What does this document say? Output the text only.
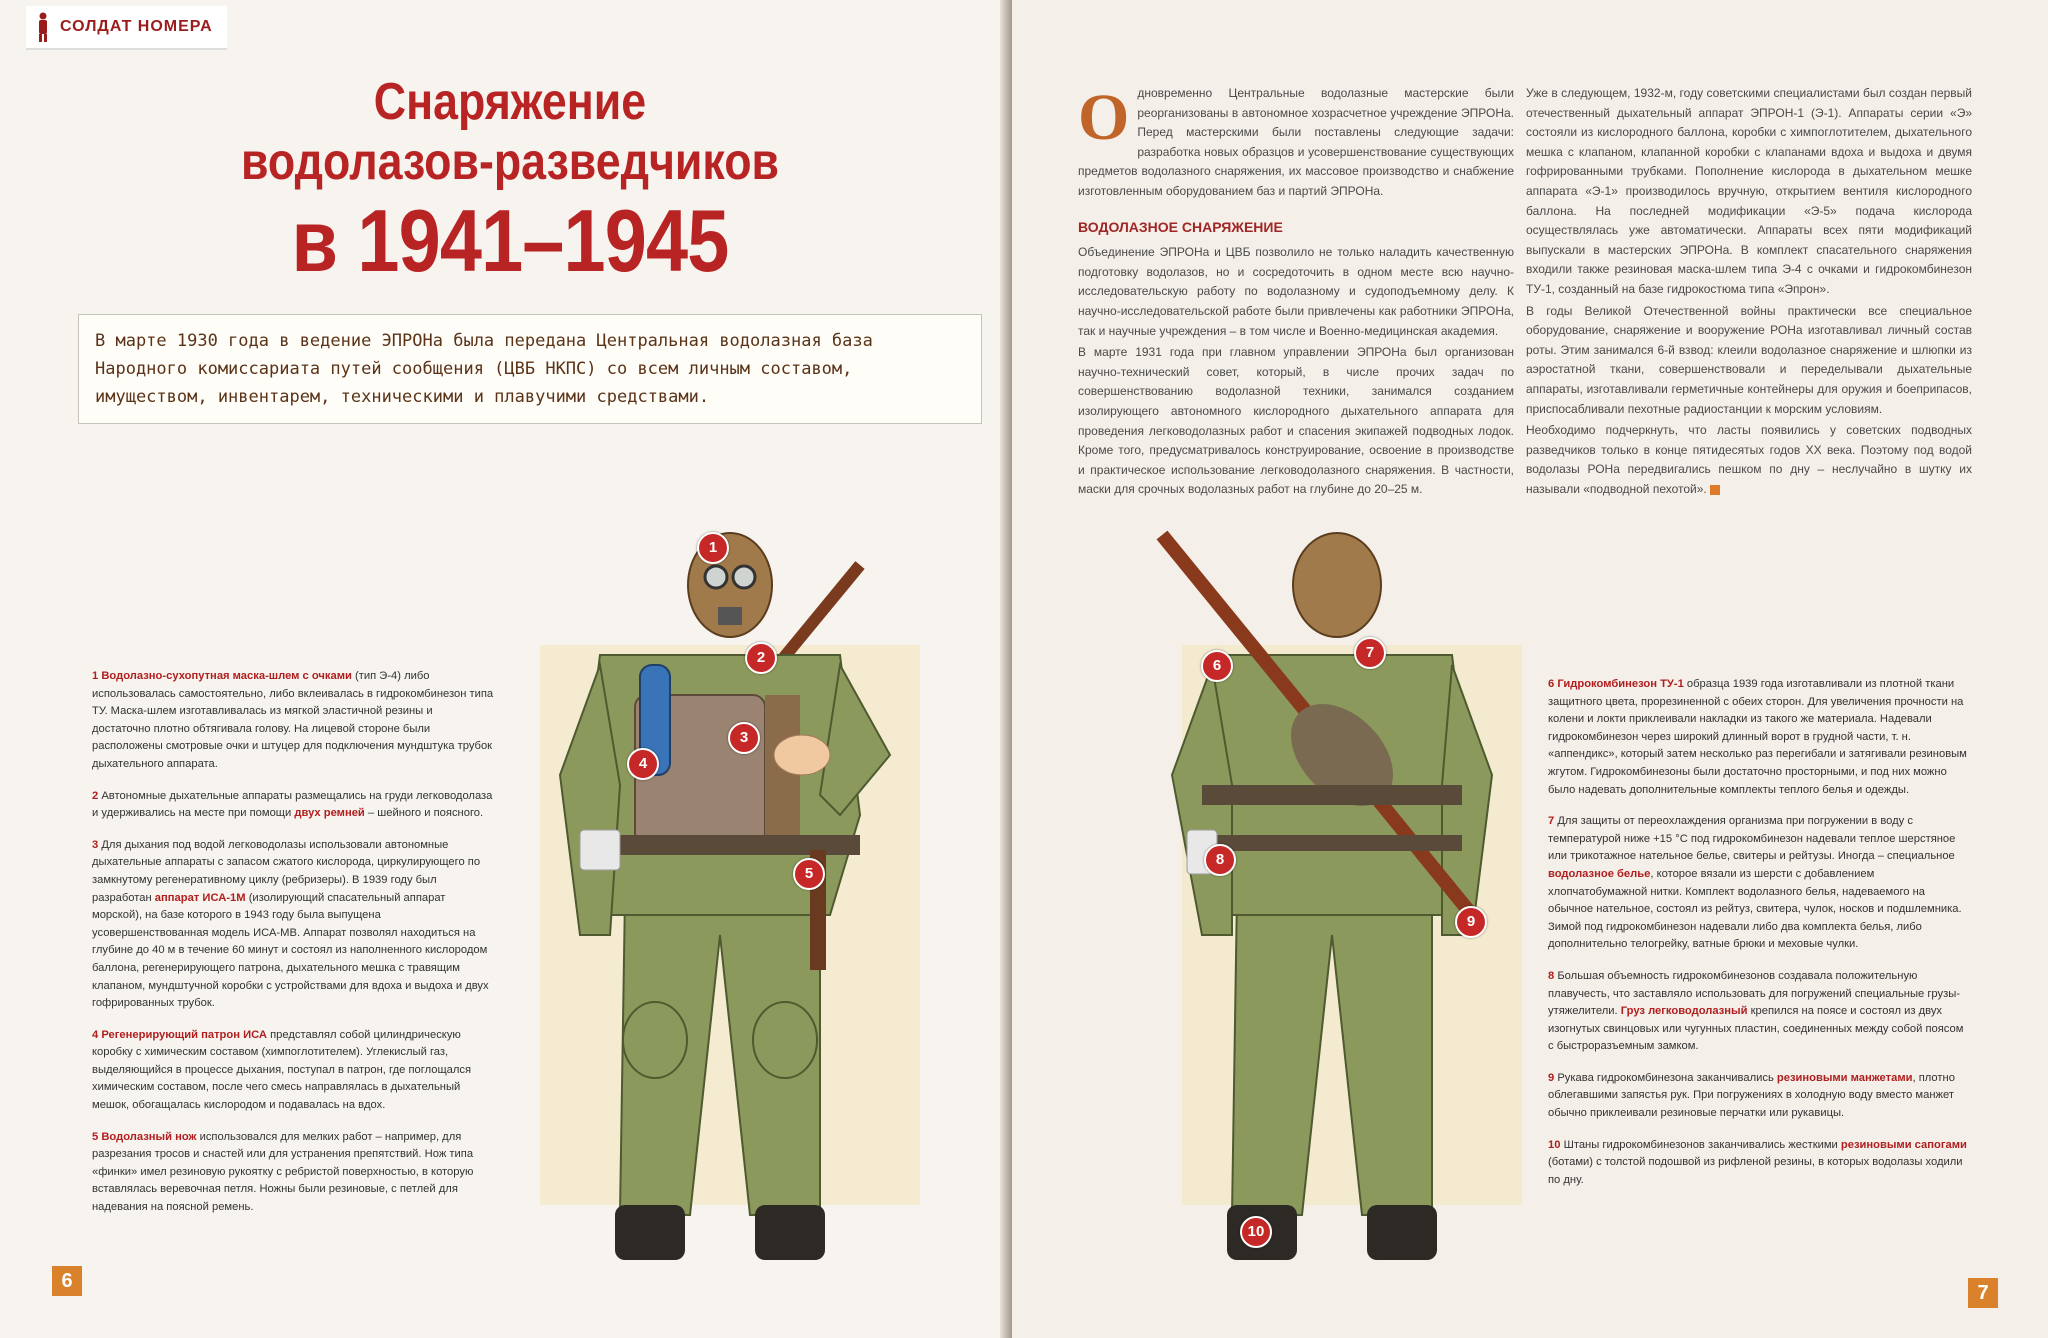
СОЛДАТ НОМЕРА
Снаряжение
водолазов-разведчиков
в 1941–1945
В марте 1930 года в ведение ЭПРОНа была передана Центральная водолазная база Народного комиссариата путей сообщения (ЦВБ НКПС) со всем личным составом, имуществом, инвентарем, техническими и плавучими средствами.
1
2
3
4
5

1 Водолазно-сухопутная маска-шлем с очками (тип Э-4) либо использовалась самостоятельно, либо вклеивалась в гидрокомбинезон типа ТУ. Маска-шлем изготавливалась из мягкой эластичной резины и достаточно плотно обтягивала голову. На лицевой стороне были расположены смотровые очки и штуцер для подключения мундштука трубок дыхательного аппарата.

2 Автономные дыхательные аппараты размещались на груди легководолаза и удерживались на месте при помощи двух ремней – шейного и поясного.

3 Для дыхания под водой легководолазы использовали автономные дыхательные аппараты с запасом сжатого кислорода, циркулирующего по замкнутому регенеративному циклу (ребризеры). В 1939 году был разработан аппарат ИСА-1М (изолирующий спасательный аппарат морской), на базе которого в 1943 году была выпущена усовершенствованная модель ИСА-МВ. Аппарат позволял находиться на глубине до 40 м в течение 60 минут и состоял из наполненного кислородом баллона, регенерирующего патрона, дыхательного мешка с травящим клапаном, мундштучной коробки с устройствами для вдоха и выдоха и двух гофрированных трубок.

4 Регенерирующий патрон ИСА представлял собой цилиндрическую коробку с химическим составом (химпоглотителем). Углекислый газ, выделяющийся в процессе дыхания, поступал в патрон, где поглощался химическим составом, после чего смесь направлялась в дыхательный мешок, обогащалась кислородом и подавалась на вдох.

5 Водолазный нож использовался для мелких работ – например, для разрезания тросов и снастей или для устранения препятствий. Нож типа «финки» имел резиновую рукоятку с ребристой поверхностью, в которую вставлялась веревочная петля. Ножны были резиновые, с петлей для надевания на поясной ремень.

6
О дновременно Центральные водолазные мастерские были реорганизованы в автономное хозрасчетное учреждение ЭПРОНа. Перед мастерскими были поставлены следующие задачи: разработка новых образцов и усовершенствование существующих предметов водолазного снаряжения, их массовое производство и снабжение изготовленным оборудованием баз и партий ЭПРОНа.

ВОДОЛАЗНОЕ СНАРЯЖЕНИЕ

Объединение ЭПРОНа и ЦВБ позволило не только наладить качественную подготовку водолазов, но и сосредоточить в одном месте всю научно-исследовательскую работу по водолазному и судоподъемному делу. К научно-исследовательской работе были привлечены как работники ЭПРОНа, так и научные учреждения – в том числе и Военно-медицинская академия.

В марте 1931 года при главном управлении ЭПРОНа был организован научно-технический совет, который, в числе прочих задач по совершенствованию водолазной техники, занимался созданием изолирующего автономного кислородного дыхательного аппарата для проведения легководолазных работ и спасения экипажей подводных лодок. Кроме того, предусматривалось конструирование, освоение в производстве и практическое использование легководолазного снаряжения. В частности, маски для срочных водолазных работ на глубине до 20–25 м.

Уже в следующем, 1932-м, году советскими специалистами был создан первый отечественный дыхательный аппарат ЭПРОН-1 (Э-1). Аппараты серии «Э» состояли из кислородного баллона, коробки с химпоглотителем, дыхательного мешка с клапаном, клапанной коробки с клапанами вдоха и выдоха и двумя гофрированными трубками. Пополнение кислорода в дыхательном мешке аппарата «Э-1» производилось вручную, открытием вентиля кислородного баллона. На последней модификации «Э-5» подача кислорода осуществлялась уже автоматически. Аппараты всех пяти модификаций выпускали в мастерских ЭПРОНа. В комплект спасательного снаряжения входили также резиновая маска-шлем типа Э-4 с очками и гидрокомбинезон ТУ-1, созданный на базе гидрокостюма типа «Эпрон».

В годы Великой Отечественной войны практически все специальное оборудование, снаряжение и вооружение РОНа изготавливал личный состав роты. Этим занимался 6-й взвод: клеили водолазное снаряжение и шлюпки из аэростатной ткани, совершенствовали и переделывали дыхательные аппараты, изготавливали герметичные контейнеры для оружия и боеприпасов, приспосабливали пехотные радиостанции к морским условиям.

Необходимо подчеркнуть, что ласты появились у советских подводных разведчиков только в конце пятидесятых годов XX века. Поэтому под водой водолазы РОНа передвигались пешком по дну – неслучайно в шутку их называли «подводной пехотой».

6
7
8
9
10

6 Гидрокомбинезон ТУ-1 образца 1939 года изготавливали из плотной ткани защитного цвета, прорезиненной с обеих сторон. Для увеличения прочности на колени и локти приклеивали накладки из такого же материала. Надевали гидрокомбинезон через широкий длинный ворот в грудной части, т. н. «аппендикс», который затем несколько раз перегибали и затягивали резиновым жгутом. Гидрокомбинезоны были достаточно просторными, и под них можно было надевать дополнительные комплекты теплого белья и одежды.

7 Для защиты от переохлаждения организма при погружении в воду с температурой ниже +15 °С под гидрокомбинезон надевали теплое шерстяное или трикотажное нательное белье, свитеры и рейтузы. Иногда – специальное водолазное белье, которое вязали из шерсти с добавлением хлопчатобумажной нитки. Комплект водолазного белья, надеваемого на обычное нательное, состоял из рейтуз, свитера, чулок, носков и подшлемника. Зимой под гидрокомбинезон надевали либо два комплекта белья, либо дополнительно телогрейку, ватные брюки и меховые чулки.

8 Большая объемность гидрокомбинезонов создавала положительную плавучесть, что заставляло использовать для погружений специальные грузы-утяжелители. Груз легководолазный крепился на поясе и состоял из двух изогнутых свинцовых или чугунных пластин, соединенных между собой поясом с быстроразъемным замком.

9 Рукава гидрокомбинезона заканчивались резиновыми манжетами, плотно облегавшими запястья рук. При погружениях в холодную воду вместо манжет обычно приклеивали резиновые перчатки или рукавицы.

10 Штаны гидрокомбинезонов заканчивались жесткими резиновыми сапогами (ботами) с толстой подошвой из рифленой резины, в которых водолазы ходили по дну.

7
